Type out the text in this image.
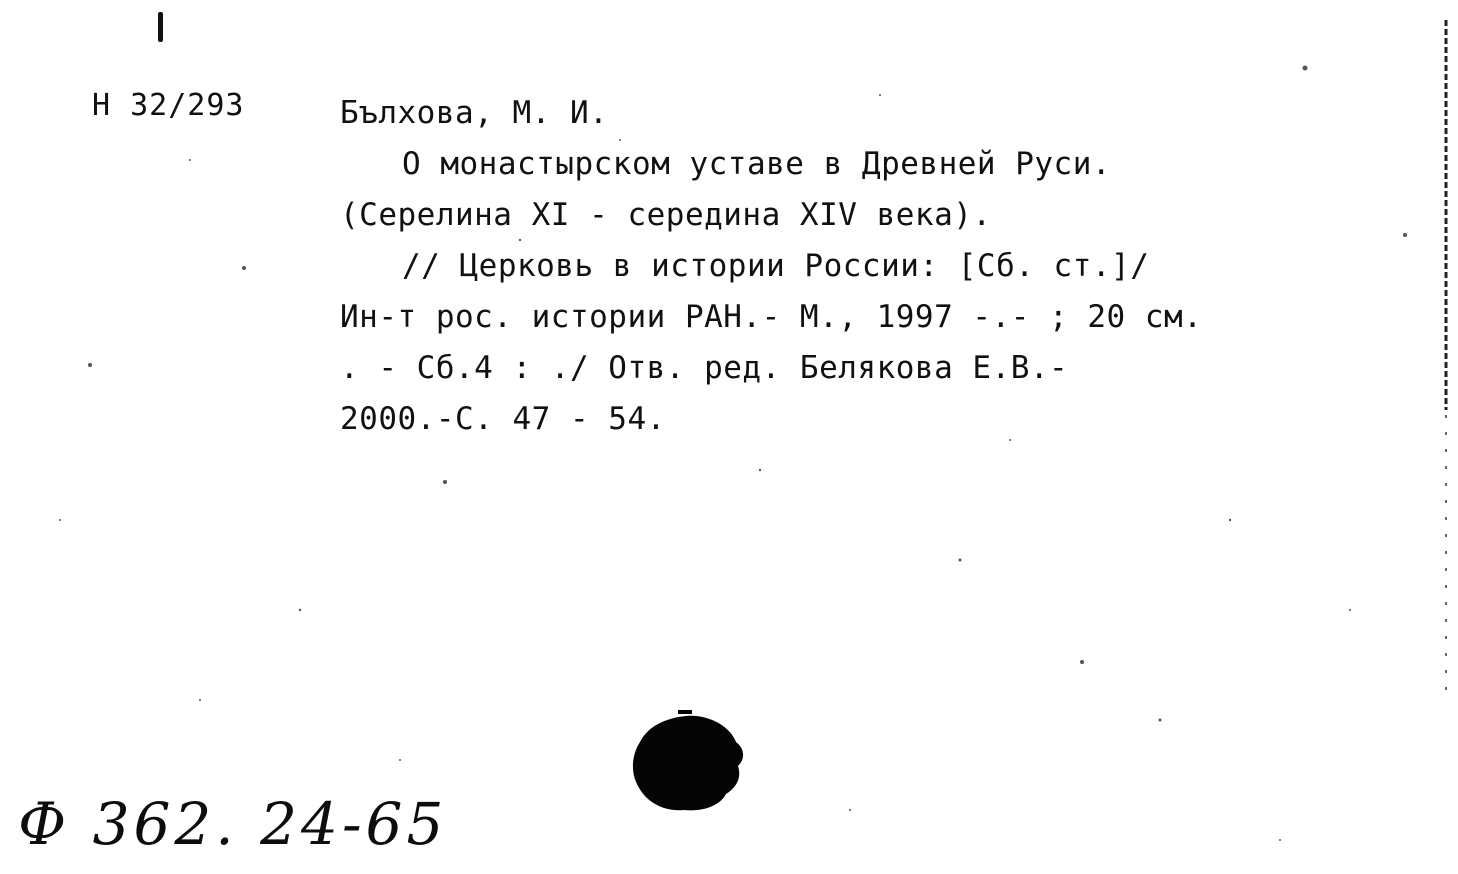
Н 32/293	Бълхова, М. И.
О монастырском уставе в Древней Руси.
(Серелина XI - середина XIV века).
// Церковь в истории России: [Сб. ст.]/
Ин-т рос. истории РАН.- М., 1997 -.- ; 20 см.
. - Сб.4 : ./ Отв. ред. Белякова Е.В.-
2000.-С. 47 - 54.
Ф 362. 24-65
